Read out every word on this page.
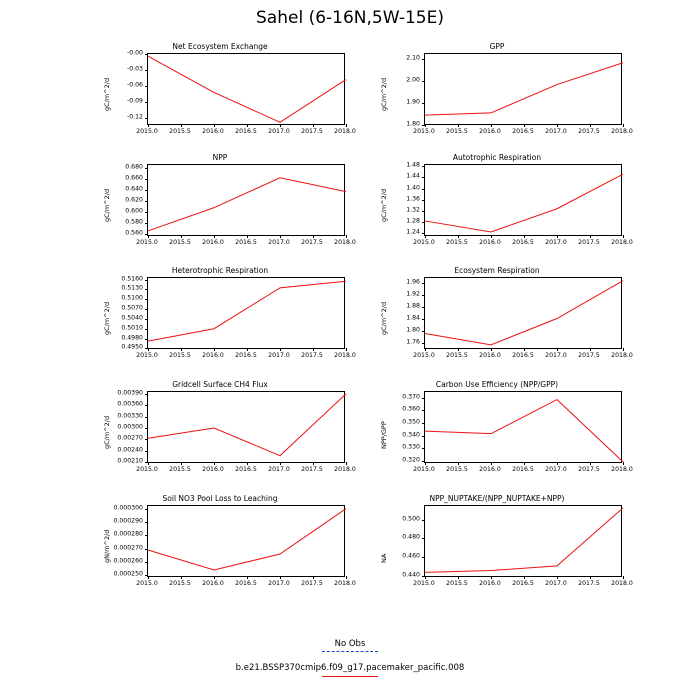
Sahel (6-16N,5W-15E)
Net Ecosystem Exchange
-0.00
-0.03
-0.06
-0.09
-0.12
2015.0 2015.5 2016.0 2016.5 2017.0 2017.5 2018.0
gC/m^2/d
GPP
2.10
2.00
1.90
1.80
2015.0 2015.5 2016.0 2016.5 2017.0 2017.5 2018.0
gC/m^2/d
NPP
0.680
0.660
0.640
0.620
0.600
0.580
0.560
2015.0 2015.5 2016.0 2016.5 2017.0 2017.5 2018.0
gC/m^2/d
Autotrophic Respiration
1.48
1.44
1.40
1.36
1.32
1.28
1.24
2015.0 2015.5 2016.0 2016.5 2017.0 2017.5 2018.0
gC/m^2/d
Heterotrophic Respiration
0.5160
0.5130
0.5100
0.5070
0.5040
0.5010
0.4980
0.4950
2015.0 2015.5 2016.0 2016.5 2017.0 2017.5 2018.0
gC/m^2/d
Ecosystem Respiration
1.96
1.92
1.88
1.84
1.80
1.76
2015.0 2015.5 2016.0 2016.5 2017.0 2017.5 2018.0
gC/m^2/d
Gridcell Surface CH4 Flux
0.00390
0.00360
0.00330
0.00300
0.00270
0.00240
0.00210
2015.0 2015.5 2016.0 2016.5 2017.0 2017.5 2018.0
gC/m^2/d
Carbon Use Efficiency (NPP/GPP)
0.370
0.360
0.350
0.340
0.330
0.320
2015.0 2015.5 2016.0 2016.5 2017.0 2017.5 2018.0
NPP/GPP
Soil NO3 Pool Loss to Leaching
0.000300
0.000290
0.000280
0.000270
0.000260
0.000250
2015.0 2015.5 2016.0 2016.5 2017.0 2017.5 2018.0
gN/m^2/d
NPP_NUPTAKE/(NPP_NUPTAKE+NPP)
0.500
0.480
0.460
0.440
2015.0 2015.5 2016.0 2016.5 2017.0 2017.5 2018.0
NA
No Obs
b.e21.BSSP370cmip6.f09_g17.pacemaker_pacific.008
